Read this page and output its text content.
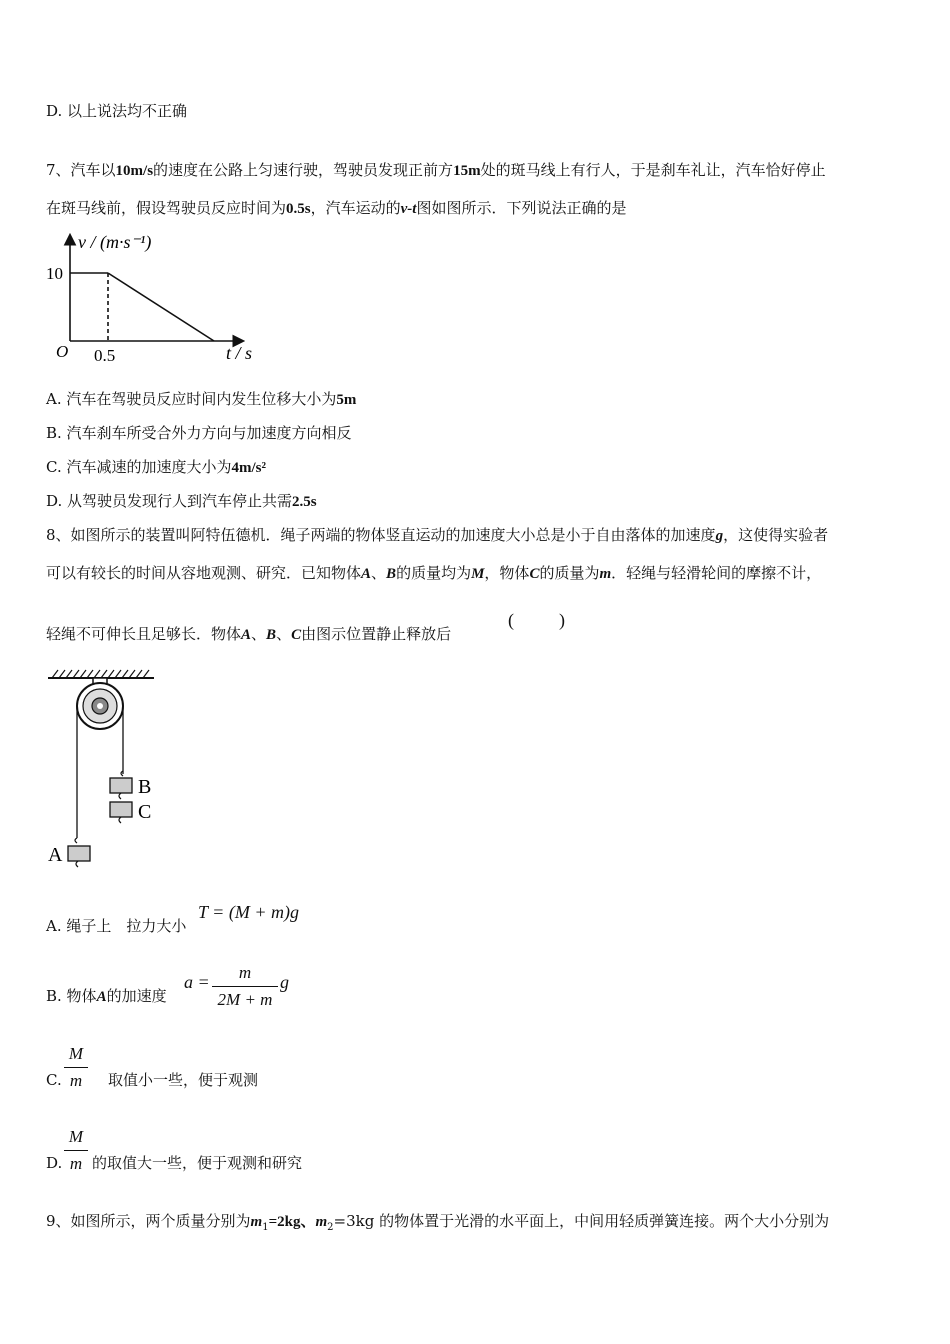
D. 以上说法均不正确
7、汽车以10m/s的速度在公路上匀速行驶，驾驶员发现正前方15m处的斑马线上有行人，于是刹车礼让，汽车恰好停止
在斑马线前，假设驾驶员反应时间为0.5s，汽车运动的v-t图如图所示．下列说法正确的是
v / (m·s⁻¹)
10
O 0.5	t / s
A. 汽车在驾驶员反应时间内发生位移大小为5m
B. 汽车刹车所受合外力方向与加速度方向相反
C. 汽车减速的加速度大小为4m/s²
D. 从驾驶员发现行人到汽车停止共需2.5s
8、如图所示的装置叫阿特伍德机．绳子两端的物体竖直运动的加速度大小总是小于自由落体的加速度g，这使得实验者
可以有较长的时间从容地观测、研究．已知物体A、B的质量均为M，物体C的质量为m．轻绳与轻滑轮间的摩擦不计，
轻绳不可伸长且足够长．物体A、B、C由图示位置静止释放后
(          )
B
C
A
A. 绳子上　拉力大小
T = (M + m)g
B. 物体A的加速度
a = m
2M + m
g
M
m
C.	取值小一些，便于观测
M
m
D. 的取值大一些，便于观测和研究
9、如图所示，两个质量分别为$m_1=2kg$、$m_2=3kg$ 的物体置于光滑的水平面上，中间用轻质弹簧连接。两个大小分别为
